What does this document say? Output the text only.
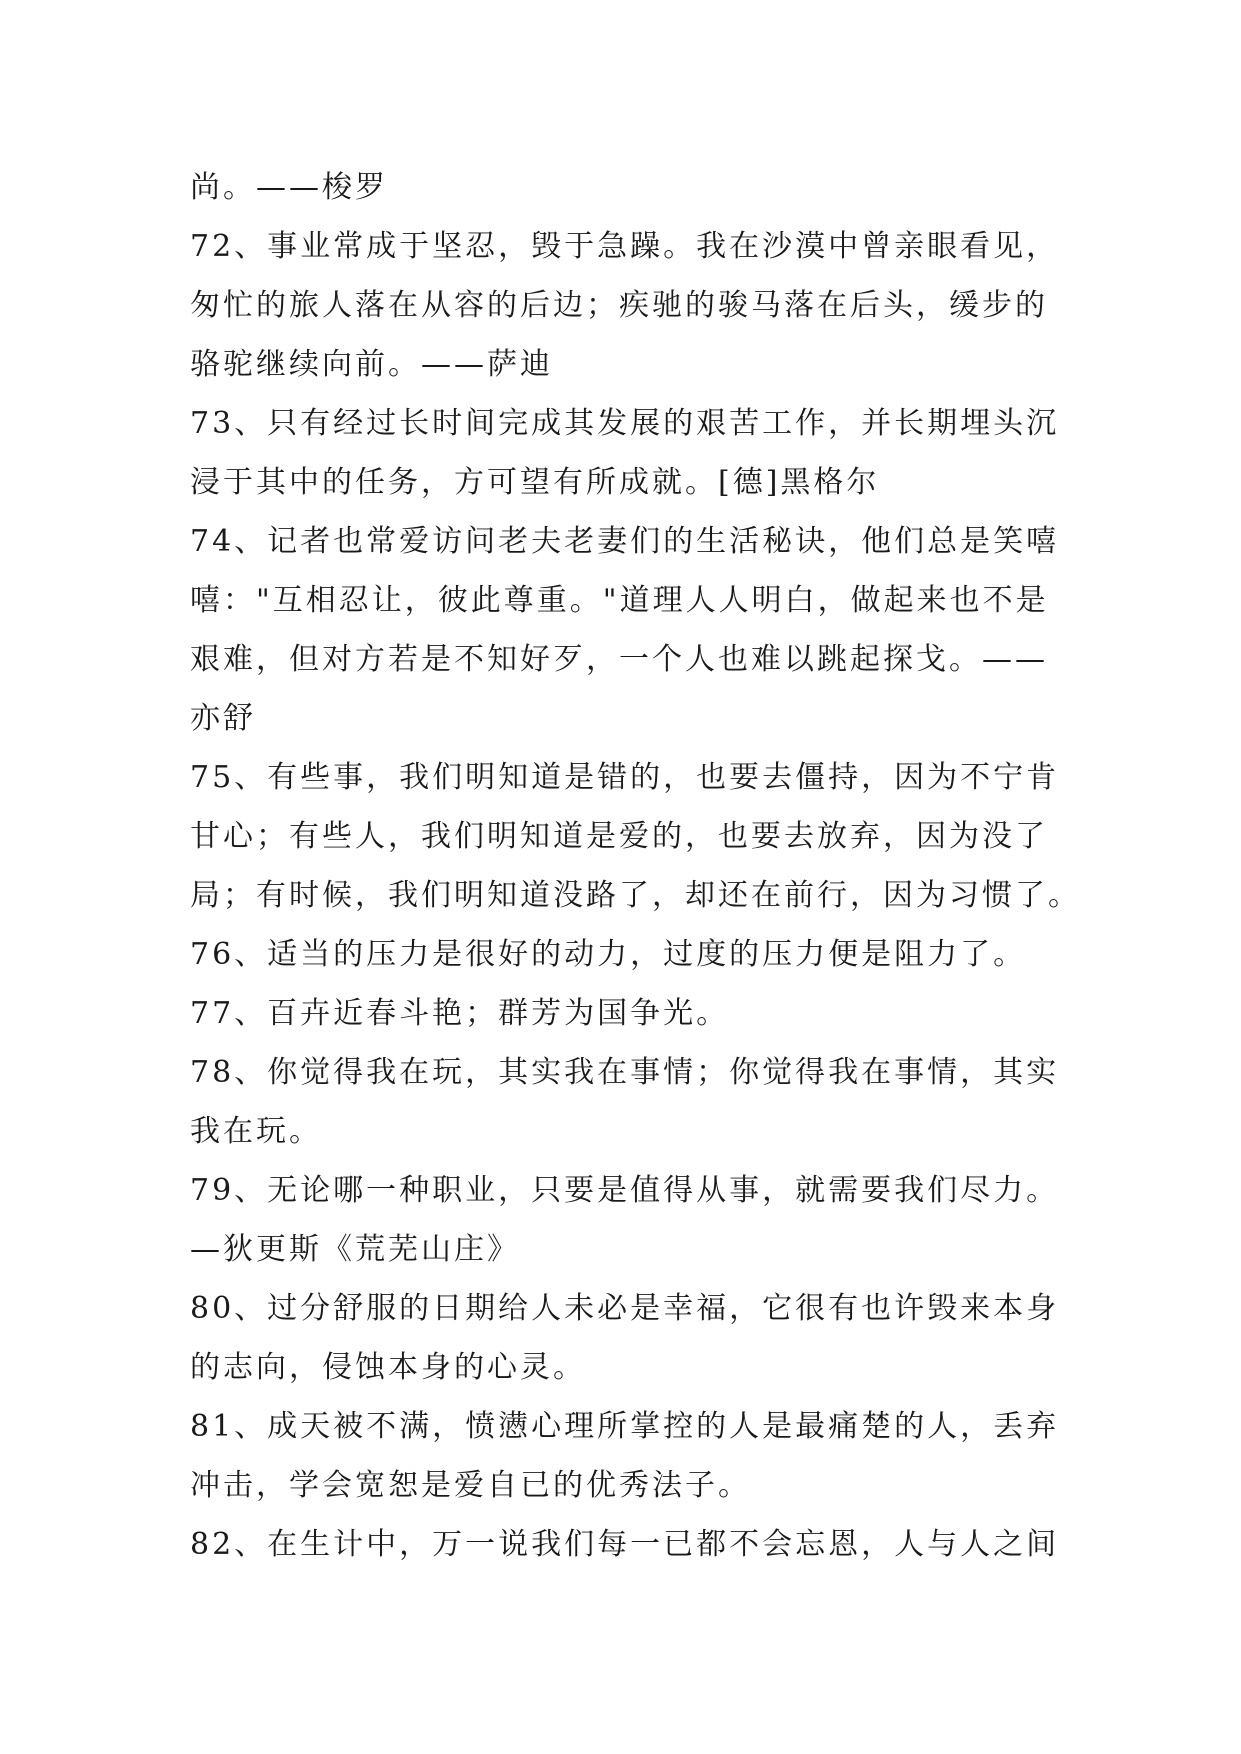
尚。——梭罗
72、事业常成于坚忍，毁于急躁。我在沙漠中曾亲眼看见，
匆忙的旅人落在从容的后边；疾驰的骏马落在后头，缓步的
骆驼继续向前。——萨迪
73、只有经过长时间完成其发展的艰苦工作，并长期埋头沉
浸于其中的任务，方可望有所成就。[德]黑格尔
74、记者也常爱访问老夫老妻们的生活秘诀，他们总是笑嘻
嘻："互相忍让，彼此尊重。"道理人人明白，做起来也不是
艰难，但对方若是不知好歹，一个人也难以跳起探戈。——
亦舒
75、有些事，我们明知道是错的，也要去僵持，因为不宁肯
甘心；有些人，我们明知道是爱的，也要去放弃，因为没了
局；有时候，我们明知道没路了，却还在前行，因为习惯了。
76、适当的压力是很好的动力，过度的压力便是阻力了。
77、百卉近春斗艳；群芳为国争光。
78、你觉得我在玩，其实我在事情；你觉得我在事情，其实
我在玩。
79、无论哪一种职业，只要是值得从事，就需要我们尽力。
—狄更斯《荒芜山庄》
80、过分舒服的日期给人未必是幸福，它很有也许毁来本身
的志向，侵蚀本身的心灵。
81、成天被不满，愤懑心理所掌控的人是最痛楚的人，丢弃
冲击，学会宽恕是爱自已的优秀法子。
82、在生计中，万一说我们每一已都不会忘恩，人与人之间
